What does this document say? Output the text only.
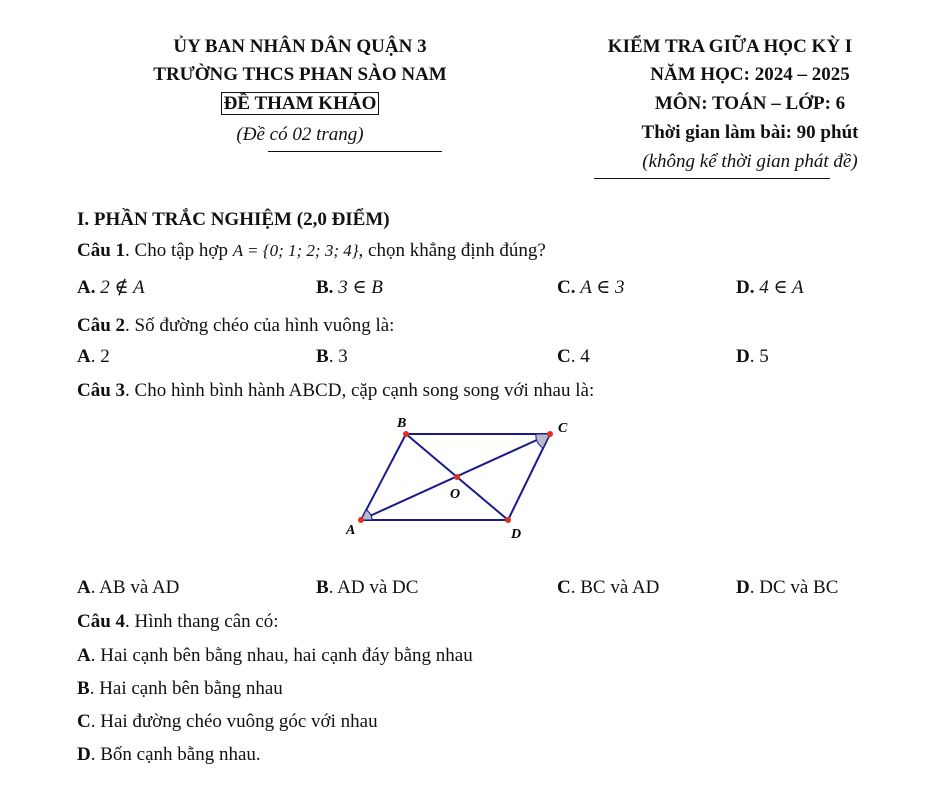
ỦY BAN NHÂN DÂN QUẬN 3
TRƯỜNG THCS PHAN SÀO NAM
ĐỀ THAM KHẢO
(Đề có 02 trang)
KIỂM TRA GIỮA HỌC KỲ I
NĂM HỌC: 2024 – 2025
MÔN: TOÁN – LỚP: 6
Thời gian làm bài: 90 phút
(không kể thời gian phát đề)
I. PHẦN TRẮC NGHIỆM (2,0 ĐIỂM)
Câu 1. Cho tập hợp A = {0; 1; 2; 3; 4}, chọn khẳng định đúng?
A. 2 ∉ A	B. 3 ∈ B	C. A ∈ 3	D. 4 ∈ A
Câu 2. Số đường chéo của hình vuông là:
A. 2	B. 3	C. 4	D. 5
Câu 3. Cho hình bình hành ABCD, cặp cạnh song song với nhau là:
A
B	C
D
O
A. AB và AD	B. AD và DC	C. BC và AD	D. DC và BC
Câu 4. Hình thang cân có:
A. Hai cạnh bên bằng nhau, hai cạnh đáy bằng nhau
B. Hai cạnh bên bằng nhau
C. Hai đường chéo vuông góc với nhau
D. Bốn cạnh bằng nhau.
